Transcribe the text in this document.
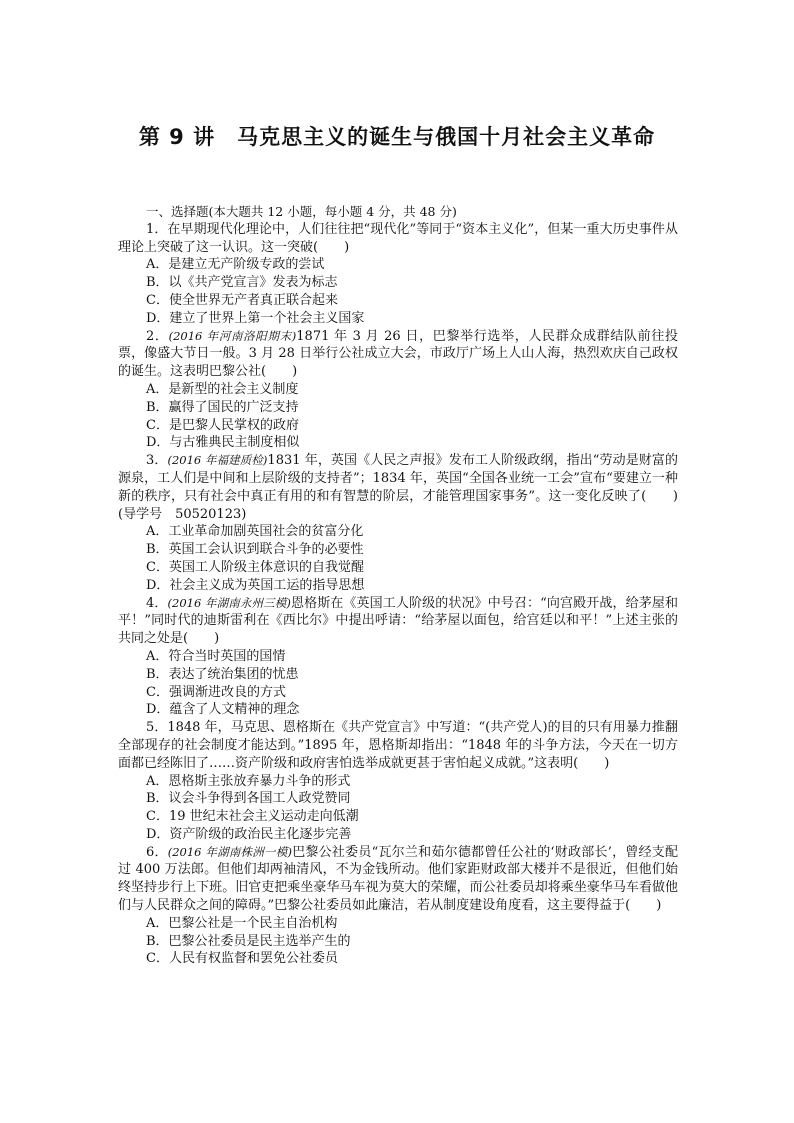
第 9 讲　马克思主义的诞生与俄国十月社会主义革命
一、选择题(本大题共 12 小题，每小题 4 分，共 48 分)

1．在早期现代化理论中，人们往往把“现代化”等同于“资本主义化”，但某一重大历史事件从理论上突破了这一认识。这一突破(　　)

A．是建立无产阶级专政的尝试

B．以《共产党宣言》发表为标志

C．使全世界无产者真正联合起来

D．建立了世界上第一个社会主义国家

2．(2016 年河南洛阳期末)1871 年 3 月 26 日，巴黎举行选举，人民群众成群结队前往投票，像盛大节日一般。3 月 28 日举行公社成立大会，市政厅广场上人山人海，热烈欢庆自己政权的诞生。这表明巴黎公社(　　)

A．是新型的社会主义制度

B．赢得了国民的广泛支持

C．是巴黎人民掌权的政府

D．与古雅典民主制度相似

3．(2016 年福建质检)1831 年，英国《人民之声报》发布工人阶级政纲，指出“劳动是财富的源泉，工人们是中间和上层阶级的支持者”；1834 年，英国“全国各业统一工会”宣布“要建立一种新的秩序，只有社会中真正有用的和有智慧的阶层，才能管理国家事务”。这一变化反映了(　　)(导学号　50520123)

A．工业革命加剧英国社会的贫富分化

B．英国工会认识到联合斗争的必要性

C．英国工人阶级主体意识的自我觉醒

D．社会主义成为英国工运的指导思想

4．(2016 年湖南永州三模)恩格斯在《英国工人阶级的状况》中号召：“向宫殿开战，给茅屋和平！”同时代的迪斯雷利在《西比尔》中提出呼请：“给茅屋以面包，给宫廷以和平！”上述主张的共同之处是(　　)

A．符合当时英国的国情

B．表达了统治集团的忧患

C．强调渐进改良的方式

D．蕴含了人文精神的理念

5．1848 年，马克思、恩格斯在《共产党宣言》中写道：“(共产党人)的目的只有用暴力推翻全部现存的社会制度才能达到。”1895 年，恩格斯却指出：“1848 年的斗争方法，今天在一切方面都已经陈旧了……资产阶级和政府害怕选举成就更甚于害怕起义成就。”这表明(　　)

A．恩格斯主张放弃暴力斗争的形式

B．议会斗争得到各国工人政党赞同

C．19 世纪末社会主义运动走向低潮

D．资产阶级的政治民主化逐步完善

6．(2016 年湖南株洲一模)巴黎公社委员“瓦尔兰和茹尔德都曾任公社的‘财政部长’，曾经支配过 400 万法郎。但他们却两袖清风，不为金钱所动。他们家距财政部大楼并不是很近，但他们始终坚持步行上下班。旧官吏把乘坐豪华马车视为莫大的荣耀，而公社委员却将乘坐豪华马车看做他们与人民群众之间的障碍。”巴黎公社委员如此廉洁，若从制度建设角度看，这主要得益于(　　)

A．巴黎公社是一个民主自治机构

B．巴黎公社委员是民主选举产生的

C．人民有权监督和罢免公社委员
